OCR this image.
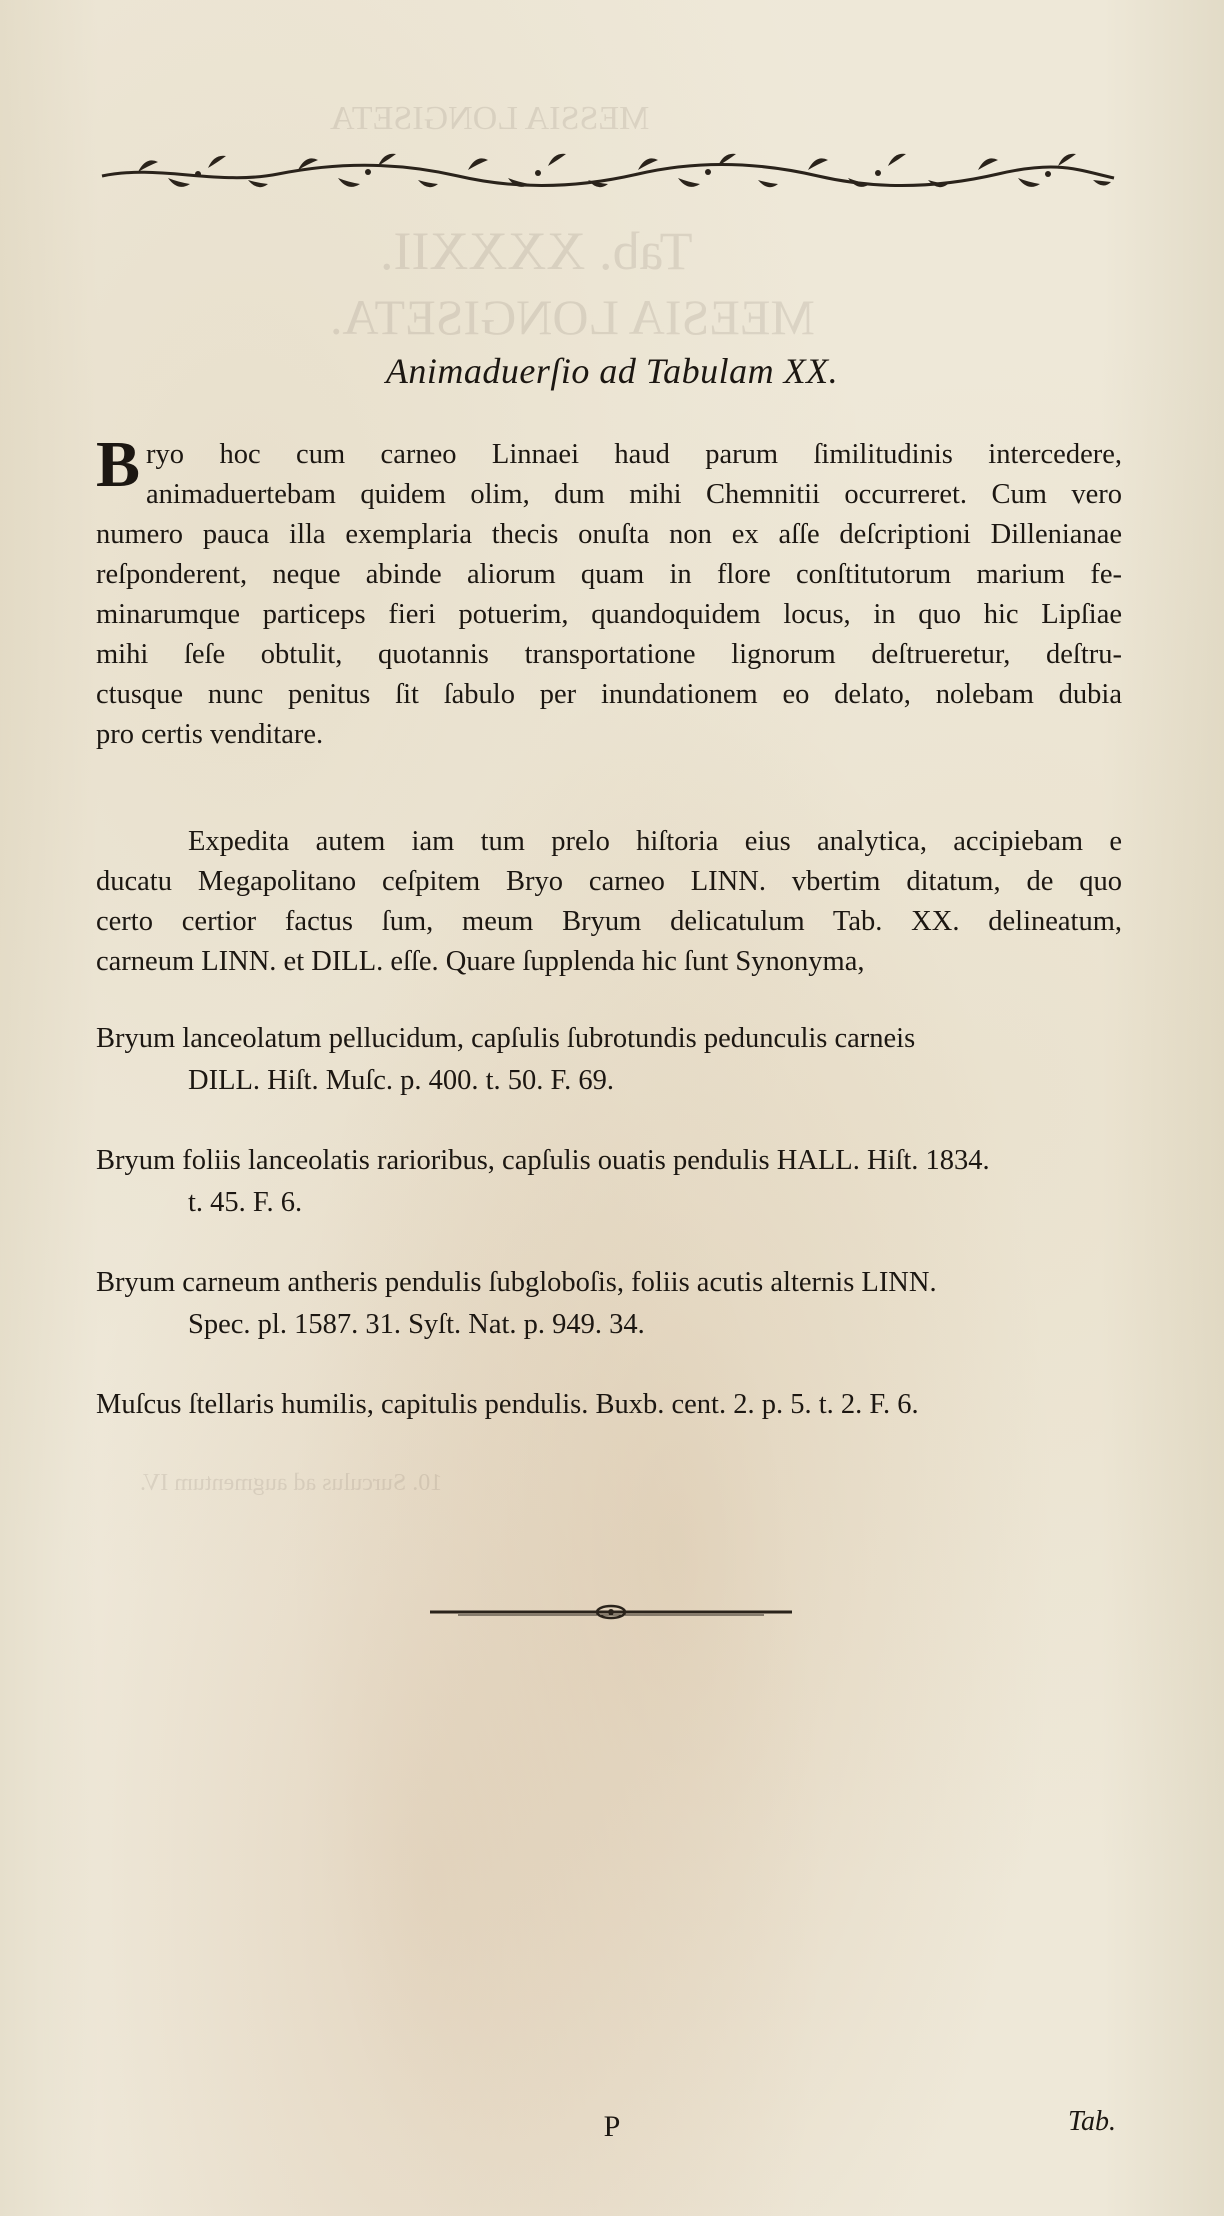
MESSIA LONGISETA
Tab. XXXXII.
MEESIA LONGISETA.
10. Surculus ad augmentum IV.
Animaduerſio ad Tabulam XX.
B ryo hoc cum carneo Linnaei haud parum ſimilitudinis intercedere,
animaduertebam quidem olim, dum mihi Chemnitii occurreret. Cum vero
numero pauca illa exemplaria thecis onuſta non ex aſſe deſcriptioni Dillenianae
reſponderent, neque abinde aliorum quam in flore conſtitutorum marium fe-
minarumque particeps fieri potuerim, quandoquidem locus, in quo hic Lipſiae
mihi ſeſe obtulit, quotannis transportatione lignorum deſtrueretur, deſtru-
ctusque nunc penitus ſit ſabulo per inundationem eo delato, nolebam dubia
pro certis venditare.
Expedita autem iam tum prelo hiſtoria eius analytica, accipiebam e
ducatu Megapolitano ceſpitem Bryo carneo LINN. vbertim ditatum, de quo
certo certior factus ſum, meum Bryum delicatulum Tab. XX. delineatum,
carneum LINN. et DILL. eſſe. Quare ſupplenda hic ſunt Synonyma,
Bryum lanceolatum pellucidum, capſulis ſubrotundis pedunculis carneis
DILL. Hiſt. Muſc. p. 400. t. 50. F. 69.
Bryum foliis lanceolatis rarioribus, capſulis ouatis pendulis HALL. Hiſt. 1834.
t. 45. F. 6.
Bryum carneum antheris pendulis ſubgloboſis, foliis acutis alternis LINN.
Spec. pl. 1587. 31. Syſt. Nat. p. 949. 34.
Muſcus ſtellaris humilis, capitulis pendulis. Buxb. cent. 2. p. 5. t. 2. F. 6.
P	Tab.
